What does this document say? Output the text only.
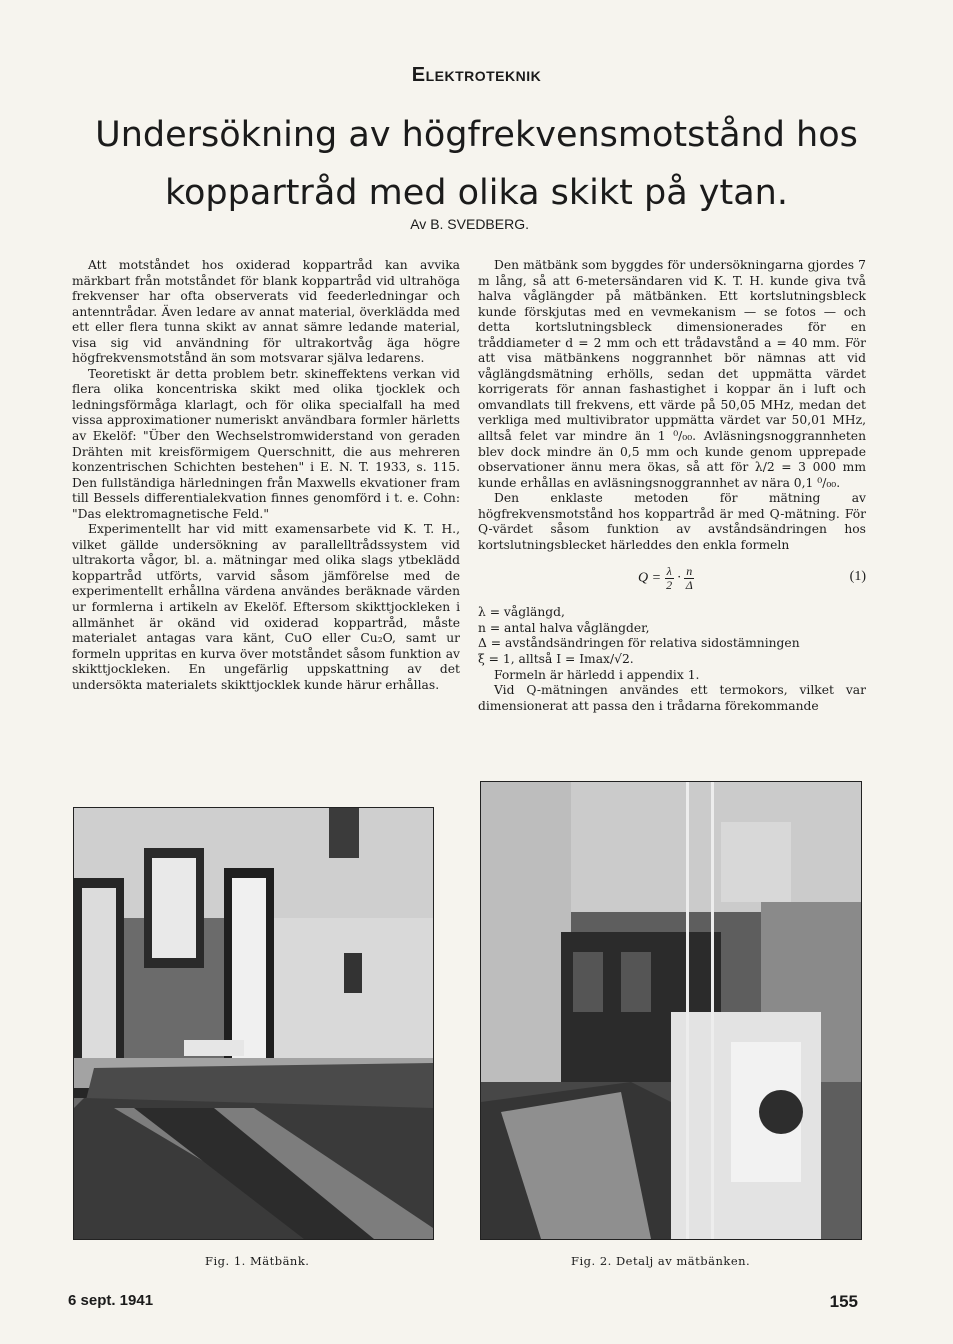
Elektroteknik
Undersökning av högfrekvensmotstånd hos
koppartråd med olika skikt på ytan.
Av B. SVEDBERG.

Att motståndet hos oxiderad koppartråd kan avvika märkbart från motståndet för blank koppartråd vid ultrahöga frekvenser har ofta observerats vid feederledningar och antenntrådar. Även ledare av annat material, överklädda med ett eller flera tunna skikt av annat sämre ledande material, visa sig vid användning för ultrakortvåg äga högre högfrekvensmotstånd än som motsvarar själva ledarens.

Teoretiskt är detta problem betr. skineffektens verkan vid flera olika koncentriska skikt med olika tjocklek och ledningsförmåga klarlagt, och för olika specialfall ha med vissa approximationer numeriskt användbara formler härletts av Ekelöf: "Über den Wechselstromwiderstand von geraden Drähten mit kreisförmigem Querschnitt, die aus mehreren konzentrischen Schichten bestehen" i E. N. T. 1933, s. 115. Den fullständiga härledningen från Maxwells ekvationer fram till Bessels differentialekvation finnes genomförd i t. e. Cohn: "Das elektromagnetische Feld."

Experimentellt har vid mitt examensarbete vid K. T. H., vilket gällde undersökning av parallelltrådssystem vid ultrakorta vågor, bl. a. mätningar med olika slags ytbeklädd koppartråd utförts, varvid såsom jämförelse med de experimentellt erhållna värdena användes beräknade värden ur formlerna i artikeln av Ekelöf. Eftersom skikttjockleken i allmänhet är okänd vid oxiderad koppartråd, måste materialet antagas vara känt, CuO eller Cu₂O, samt ur formeln uppritas en kurva över motståndet såsom funktion av skikttjockleken. En ungefärlig uppskattning av det undersökta materialets skikttjocklek kunde härur erhållas.

Den mätbänk som byggdes för undersökningarna gjordes 7 m lång, så att 6-metersändaren vid K. T. H. kunde giva två halva våglängder på mätbänken. Ett kortslutningsbleck kunde förskjutas med en vevmekanism — se fotos — och detta kortslutningsbleck dimensionerades för en tråddiameter d = 2 mm och ett trådavstånd a = 40 mm. För att visa mätbänkens noggrannhet bör nämnas att vid våglängdsmätning erhölls, sedan det uppmätta värdet korrigerats för annan fashastighet i koppar än i luft och omvandlats till frekvens, ett värde på 50,05 MHz, medan det verkliga med multivibrator uppmätta värdet var 50,01 MHz, alltså felet var mindre än 1 ⁰/₀₀. Avläsningsnoggrannheten blev dock mindre än 0,5 mm och kunde genom upprepade observationer ännu mera ökas, så att för λ/2 = 3 000 mm kunde erhållas en avläsningsnoggrannhet av nära 0,1 ⁰/₀₀.

Den enklaste metoden för mätning av högfrekvensmotstånd hos koppartråd är med Q-mätning. För Q-värdet såsom funktion av avståndsändringen hos kortslutningsblecket härleddes den enkla formeln

$Q = \frac{\lambda}{2} \cdot \frac{n}{\Delta}$	(1)

λ = våglängd,

n = antal halva våglängder,

Δ = avståndsändringen för relativa sidostämningen

ξ = 1, alltså I = Imax/√2.

Formeln är härledd i appendix 1.

Vid Q-mätningen användes ett termokors, vilket var dimensionerat att passa den i trådarna förekommande

Fig. 1. Mätbänk.	Fig. 2. Detalj av mätbänken.
6 sept. 1941	155
